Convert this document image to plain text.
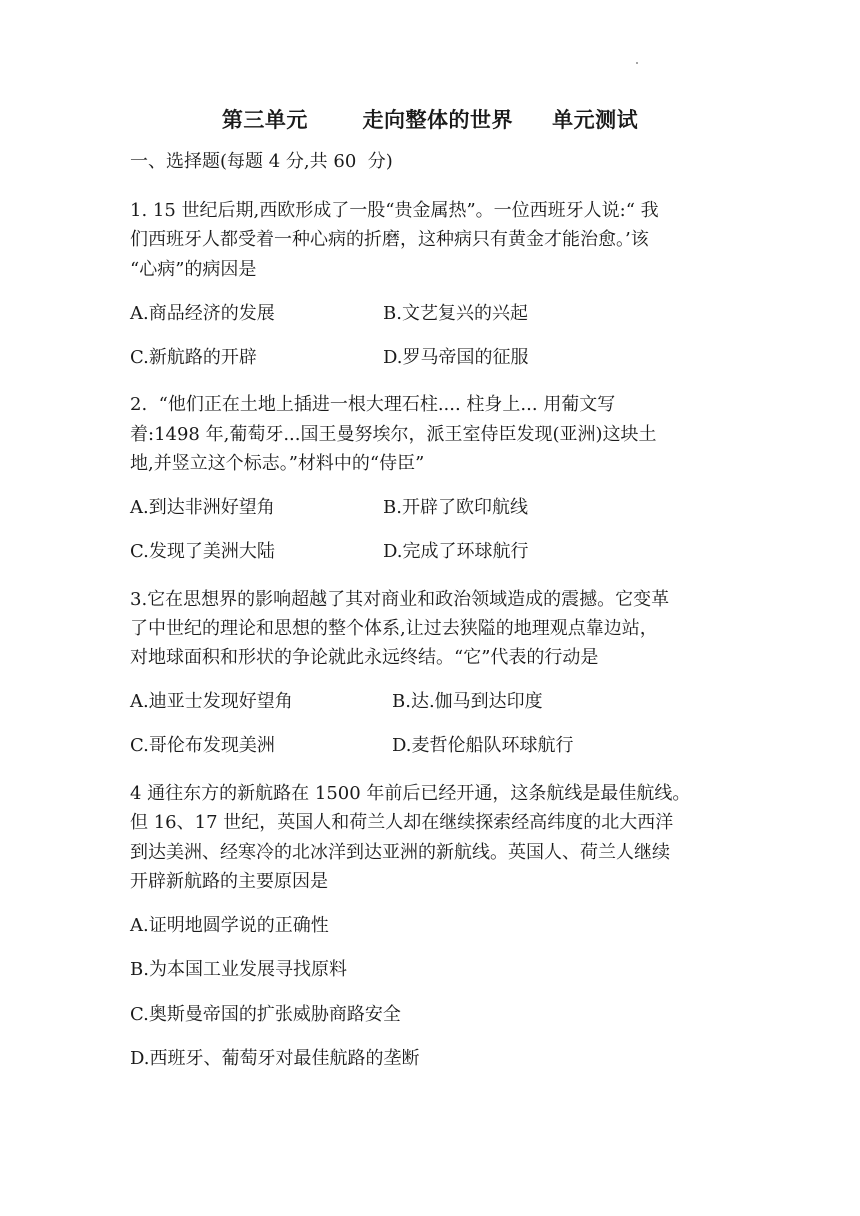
第三单元       走向整体的世界     单元测试
一、选择题(每题 4 分,共 60  分)
1. 15 世纪后期,西欧形成了一股“贵金属热”。一位西班牙人说:“ 我
们西班牙人都受着一种心病的折磨，这种病只有黄金才能治愈。’该
“心病”的病因是
A.商品经济的发展	B.文艺复兴的兴起
C.新航路的开辟	D.罗马帝国的征服
2.  “他们正在土地上插进一根大理石柱.... 柱身上... 用葡文写
着:1498 年,葡萄牙...国王曼努埃尔，派王室侍臣发现(亚洲)这块土
地,并竖立这个标志。”材料中的“侍臣”
A.到达非洲好望角	B.开辟了欧印航线
C.发现了美洲大陆	D.完成了环球航行
3.它在思想界的影响超越了其对商业和政治领域造成的震撼。它变革
了中世纪的理论和思想的整个体系,让过去狭隘的地理观点靠边站，
对地球面积和形状的争论就此永远终结。“它”代表的行动是
A.迪亚士发现好望角	B.达.伽马到达印度
C.哥伦布发现美洲	D.麦哲伦船队环球航行
4 通往东方的新航路在 1500 年前后已经开通，这条航线是最佳航线。
但 16、17 世纪，英国人和荷兰人却在继续探索经高纬度的北大西洋
到达美洲、经寒冷的北冰洋到达亚洲的新航线。英国人、荷兰人继续
开辟新航路的主要原因是
A.证明地圆学说的正确性
B.为本国工业发展寻找原料
C.奥斯曼帝国的扩张威胁商路安全
D.西班牙、葡萄牙对最佳航路的垄断
